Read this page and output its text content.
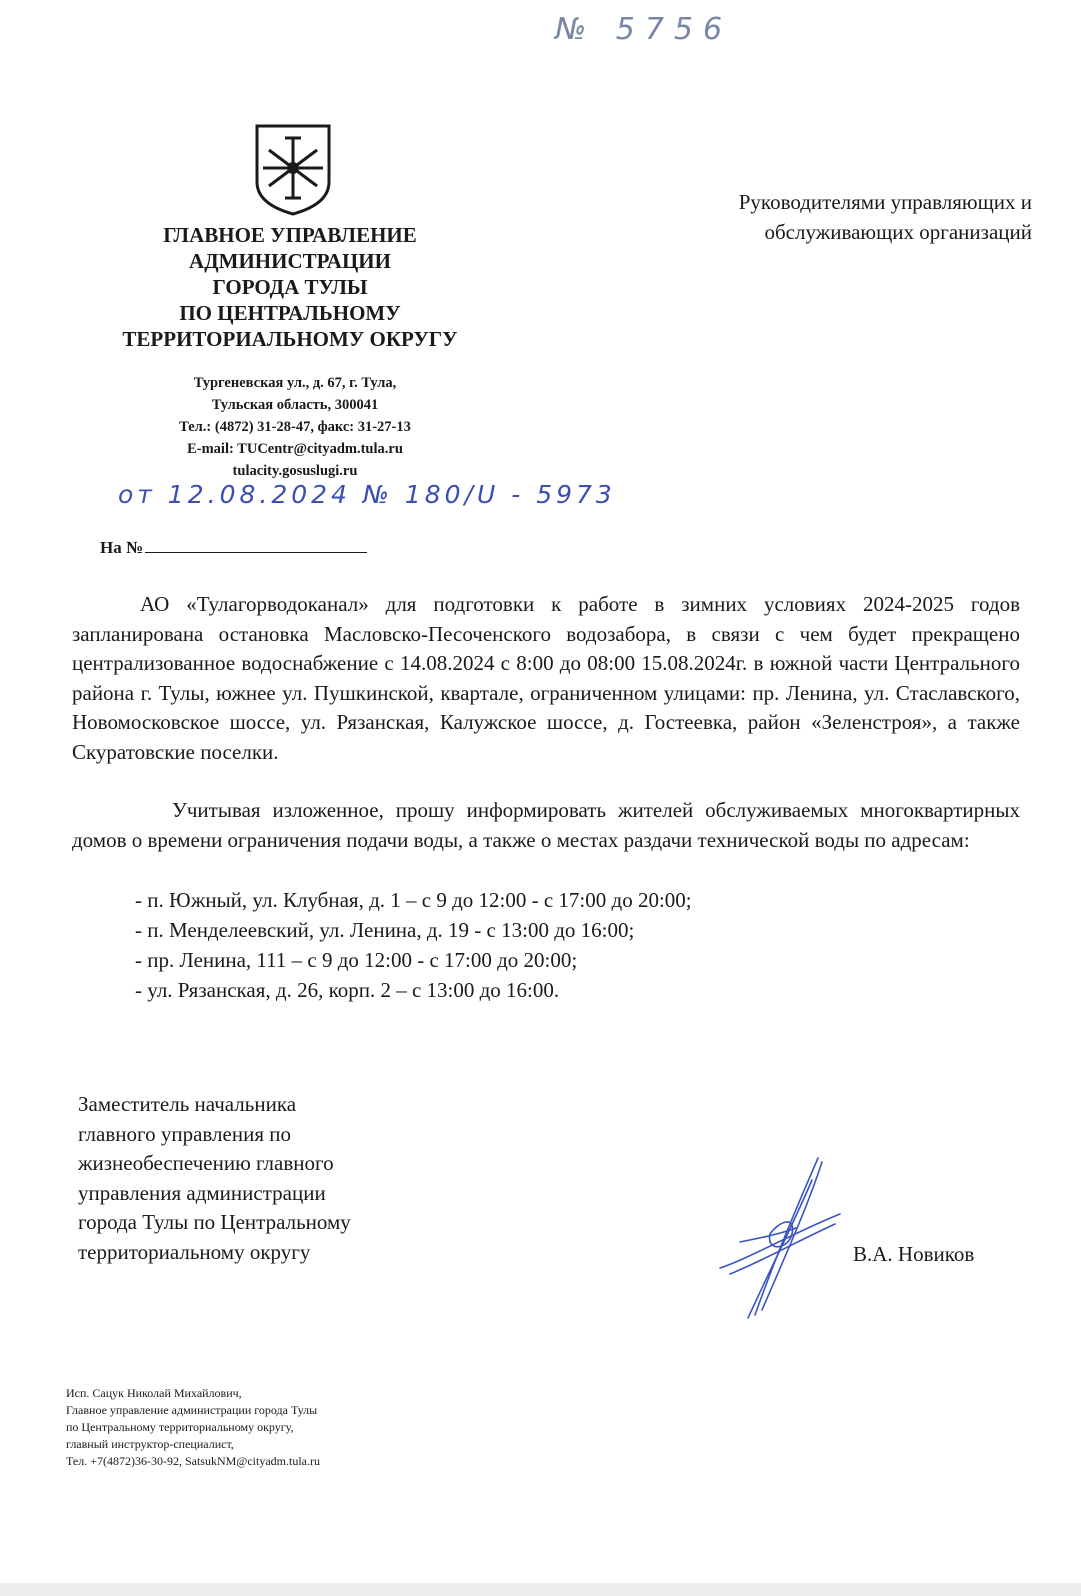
№ 5756
ГЛАВНОЕ УПРАВЛЕНИЕ
АДМИНИСТРАЦИИ
ГОРОДА ТУЛЫ
ПО ЦЕНТРАЛЬНОМУ
ТЕРРИТОРИАЛЬНОМУ ОКРУГУ
Тургеневская ул., д. 67, г. Тула,
Тульская область, 300041
Тел.: (4872) 31-28-47, факс: 31-27-13
E-mail: TUCentr@cityadm.tula.ru
tulacity.gosuslugi.ru
Руководителями управляющих и
обслуживающих организаций
от 12.08.2024 № 180/U - 5973
На №
АО «Тулагорводоканал» для подготовки к работе в зимних условиях 2024-2025 годов запланирована остановка Масловско-Песоченского водозабора, в связи с чем будет прекращено централизованное водоснабжение с 14.08.2024 с 8:00 до 08:00 15.08.2024г. в южной части Центрального района г. Тулы, южнее ул. Пушкинской, квартале, ограниченном улицами: пр. Ленина, ул. Стаславского, Новомосковское шоссе, ул. Рязанская, Калужское шоссе, д. Гостеевка, район «Зеленстроя», а также Скуратовские поселки.
Учитывая изложенное, прошу информировать жителей обслуживаемых многоквартирных домов о времени ограничения подачи воды, а также о местах раздачи технической воды по адресам:
- п. Южный, ул. Клубная, д. 1 – с 9 до 12:00 - с 17:00 до 20:00;
- п. Менделеевский, ул. Ленина, д. 19 - с 13:00 до 16:00;
- пр. Ленина, 111 – с 9 до 12:00 - с 17:00 до 20:00;
- ул. Рязанская, д. 26, корп. 2 – с 13:00 до 16:00.
Заместитель начальника
главного управления по
жизнеобеспечению главного
управления администрации
города Тулы по Центральному
территориальному округу	В.А. Новиков
Исп. Сацук Николай Михайлович,
Главное управление администрации города Тулы
по Центральному территориальному округу,
главный инструктор-специалист,
Тел. +7(4872)36-30-92, SatsukNM@cityadm.tula.ru
